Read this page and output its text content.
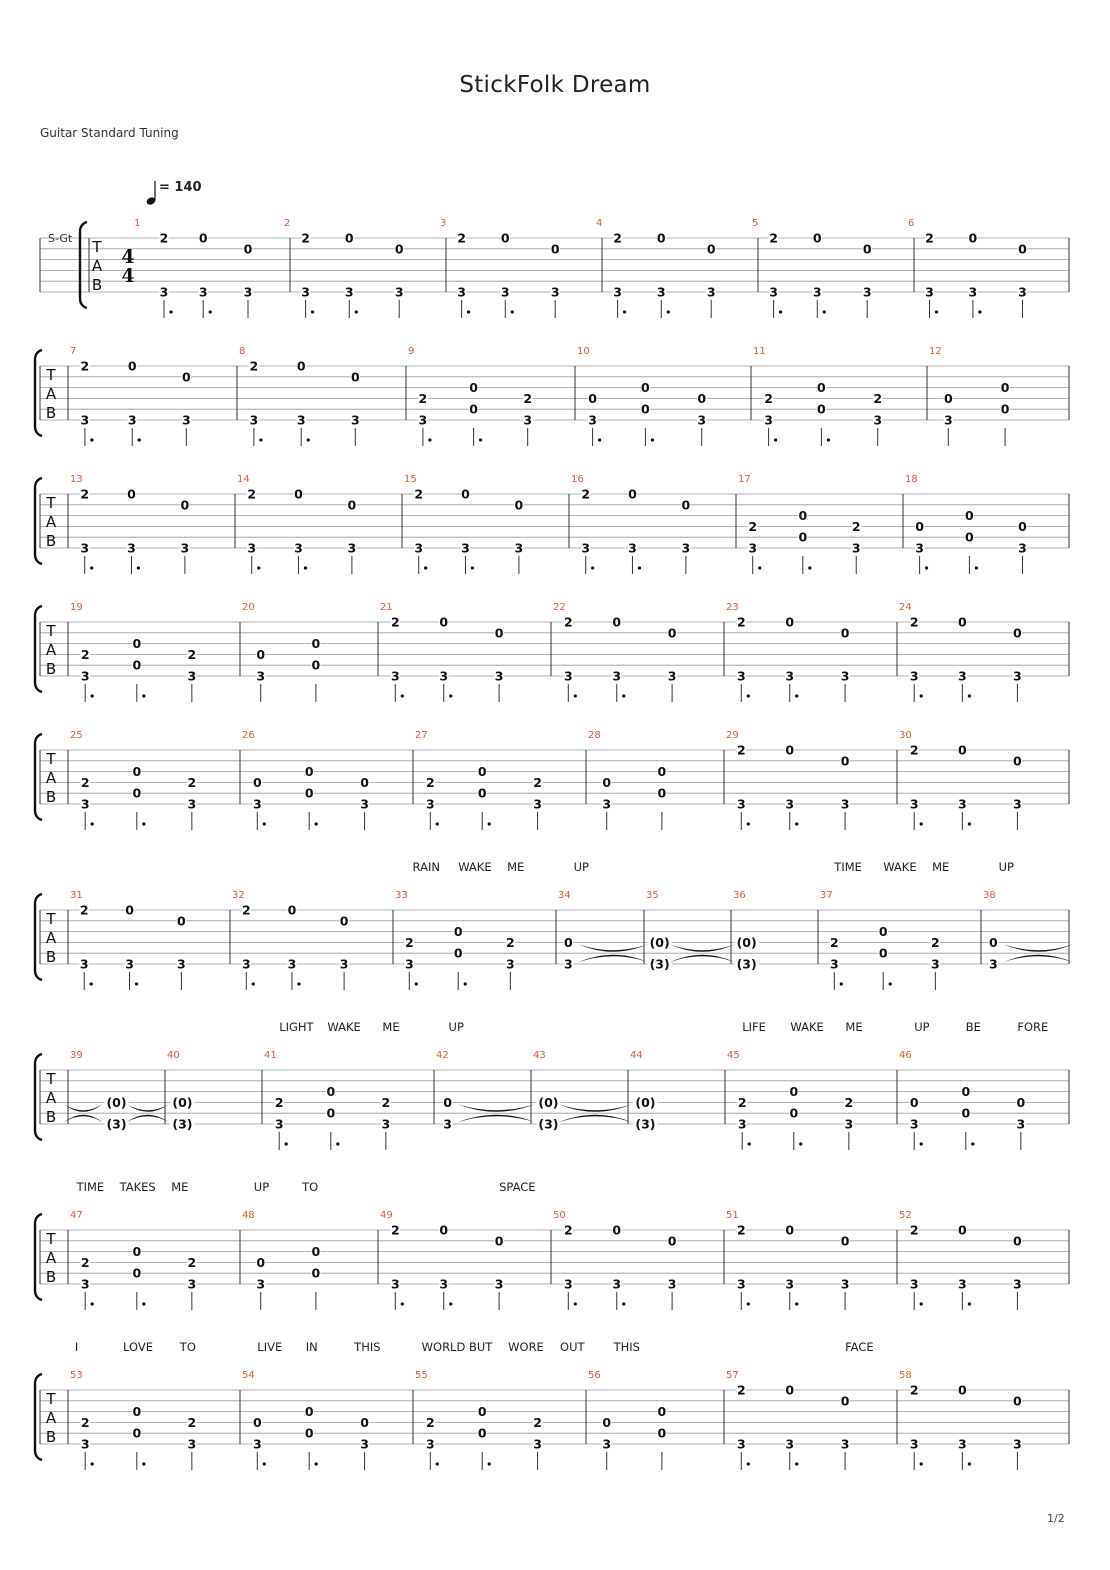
StickFolk Dream
Guitar Standard Tuning
= 140
1/2
T
A
B
S-Gt
4
4
1
2
3
0
3
0
3
2
2
3
0
3
0
3
3
2
3
0
3
0
3
4
2
3
0
3
0
3
5
2
3
0
3
0
3
6
2
3
0
3
0
3
T
A
B
7
2
3
0
3
0
3
8
2
3
0
3
0
3
9
2
3
0
0
2
3
10
0
3
0
0
0
3
11
2
3
0
0
2
3
12
0
3
0
0
T
A
B
13
2
3
0
3
0
3
14
2
3
0
3
0
3
15
2
3
0
3
0
3
16
2
3
0
3
0
3
17
2
3
0
0
2
3
18
0
3
0
0
0
3
T
A
B
19
2
3
0
0
2
3
20
0
3
0
0
21
2
3
0
3
0
3
22
2
3
0
3
0
3
23
2
3
0
3
0
3
24
2
3
0
3
0
3
T
A
B
25
2
3
0
0
2
3
26
0
3
0
0
0
3
27
2
3
0
0
2
3
28
0
3
0
0
29
2
3
0
3
0
3
30
2
3
0
3
0
3
T
A
B
31
2
3
0
3
0
3
32
2
3
0
3
0
3
33
2
3
0
0
2
3
34
0
3
35
(0)
(3)
36
(0)
(3)
37
2
3
0
0
2
3
38
0
3
RAIN WAKE ME	UP	TIME WAKE ME	UP
T
A
B
39
(0)
(3)
40
(0)
(3)
41
2
3
0
0
2
3
42
0
3
43
(0)
(3)
44
(0)
(3)
45
2
3
0
0
2
3
46
0
3
0
0
0
3
LIGHT WAKE ME	UP	LIFE WAKE ME	UP	BE	FORE
T
A
B
47
2
3
0
0
2
3
48
0
3
0
0
49
2
3
0
3
0
3
50
2
3
0
3
0
3
51
2
3
0
3
0
3
52
2
3
0
3
0
3
TIME TAKES ME	UP	TO	SPACE
T
A
B
53
2
3
0
0
2
3
54
0
3
0
0
0
3
55
2
3
0
0
2
3
56
0
3
0
0
57
2
3
0
3
0
3
58
2
3
0
3
0
3
I	LOVE TO	LIVE IN	THIS	WORLD BUT WORE OUT	THIS	FACE
